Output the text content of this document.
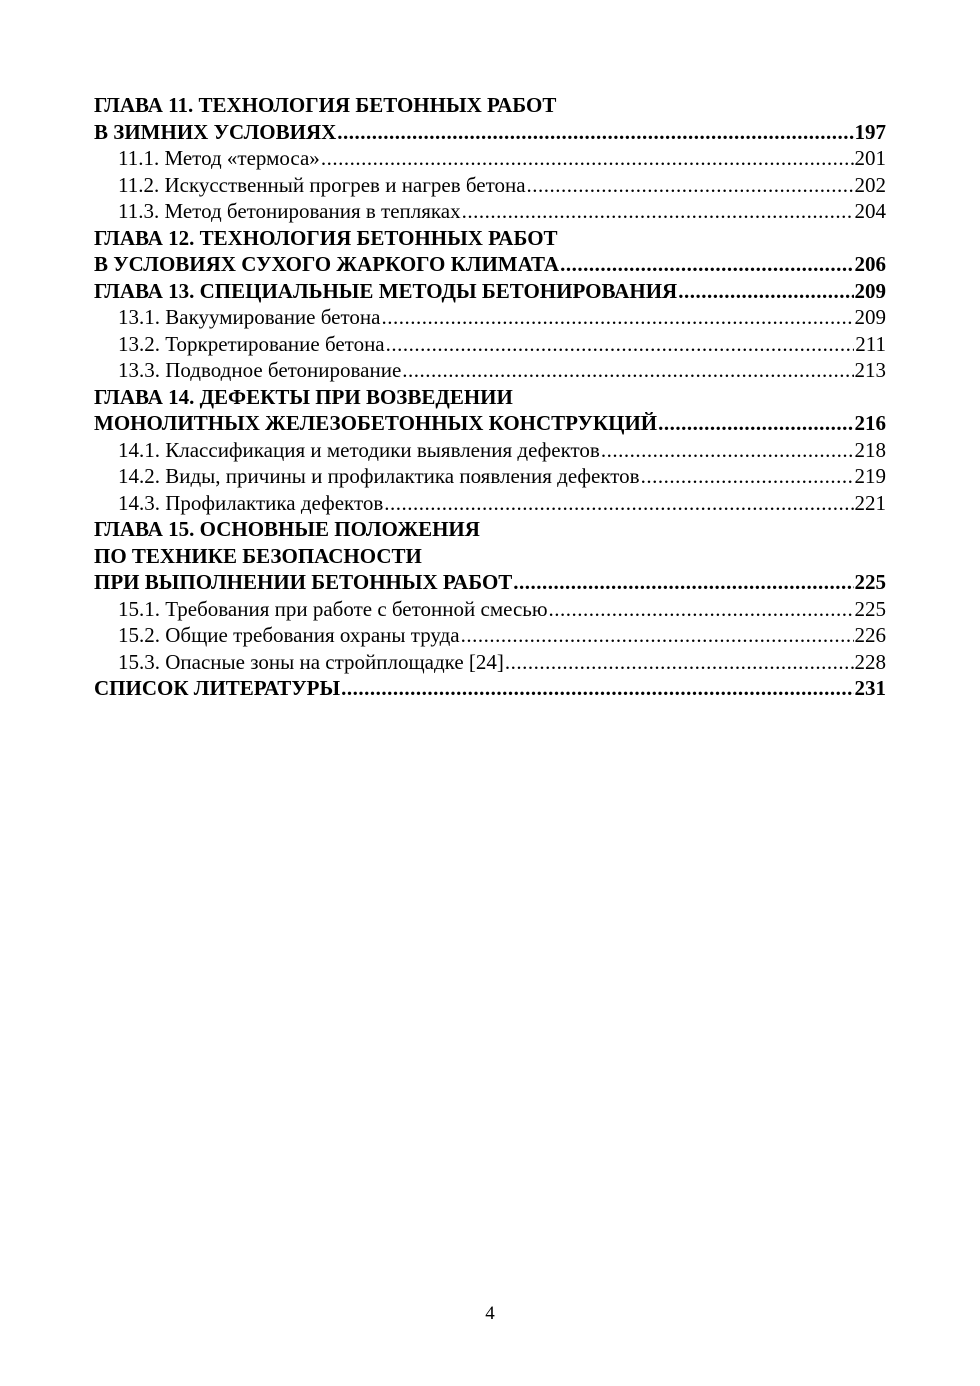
ГЛАВА 11. ТЕХНОЛОГИЯ БЕТОННЫХ РАБОТ
В ЗИМНИХ УСЛОВИЯХ .....	197
11.1. Метод «термоса» .....	201
11.2. Искусственный прогрев и нагрев бетона .....	202
11.3. Метод бетонирования в тепляках .....	204
ГЛАВА 12. ТЕХНОЛОГИЯ БЕТОННЫХ РАБОТ
В УСЛОВИЯХ СУХОГО ЖАРКОГО КЛИМАТА .....	206
ГЛАВА 13. СПЕЦИАЛЬНЫЕ МЕТОДЫ БЕТОНИРОВАНИЯ .....	209
13.1. Вакуумирование бетона .....	209
13.2. Торкретирование бетона .....	211
13.3. Подводное бетонирование .....	213
ГЛАВА 14. ДЕФЕКТЫ ПРИ ВОЗВЕДЕНИИ
МОНОЛИТНЫХ ЖЕЛЕЗОБЕТОННЫХ КОНСТРУКЦИЙ .....	216
14.1. Классификация и методики выявления дефектов .....	218
14.2. Виды, причины и профилактика появления дефектов .....	219
14.3. Профилактика дефектов .....	221
ГЛАВА 15. ОСНОВНЫЕ ПОЛОЖЕНИЯ
ПО ТЕХНИКЕ БЕЗОПАСНОСТИ
ПРИ ВЫПОЛНЕНИИ БЕТОННЫХ РАБОТ .....	225
15.1. Требования при работе с бетонной смесью .....	225
15.2. Общие требования охраны труда .....	226
15.3. Опасные зоны на стройплощадке [24] .....	228
СПИСОК ЛИТЕРАТУРЫ .....	231
4
